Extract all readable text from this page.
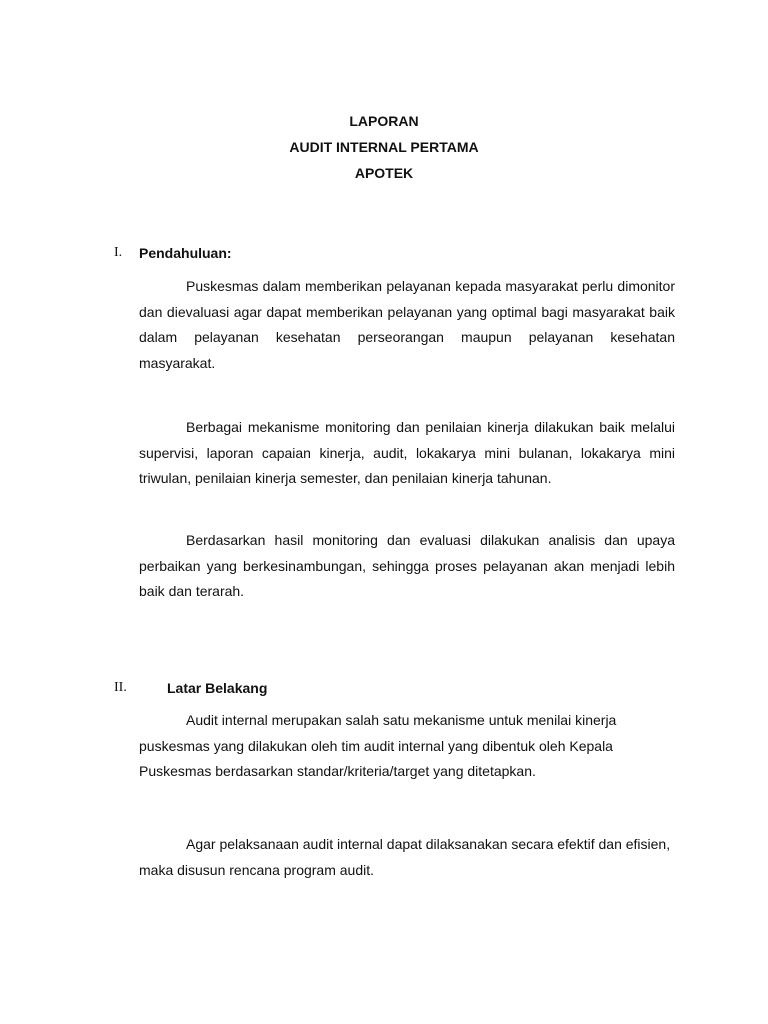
LAPORAN
AUDIT INTERNAL PERTAMA
APOTEK
I. Pendahuluan:

Puskesmas dalam memberikan pelayanan kepada masyarakat perlu dimonitor dan dievaluasi agar dapat memberikan pelayanan yang optimal bagi masyarakat baik dalam pelayanan kesehatan perseorangan maupun pelayanan kesehatan masyarakat.

Berbagai mekanisme monitoring dan penilaian kinerja dilakukan baik melalui supervisi, laporan capaian kinerja, audit, lokakarya mini bulanan, lokakarya mini triwulan, penilaian kinerja semester, dan penilaian kinerja tahunan.

Berdasarkan hasil monitoring dan evaluasi dilakukan analisis dan upaya perbaikan yang berkesinambungan, sehingga proses pelayanan akan menjadi lebih baik dan terarah.

II.	Latar Belakang

Audit internal merupakan salah satu mekanisme untuk menilai kinerja puskesmas yang dilakukan oleh tim audit internal yang dibentuk oleh Kepala Puskesmas berdasarkan standar/kriteria/target yang ditetapkan.

Agar pelaksanaan audit internal dapat dilaksanakan secara efektif dan efisien, maka disusun rencana program audit.
